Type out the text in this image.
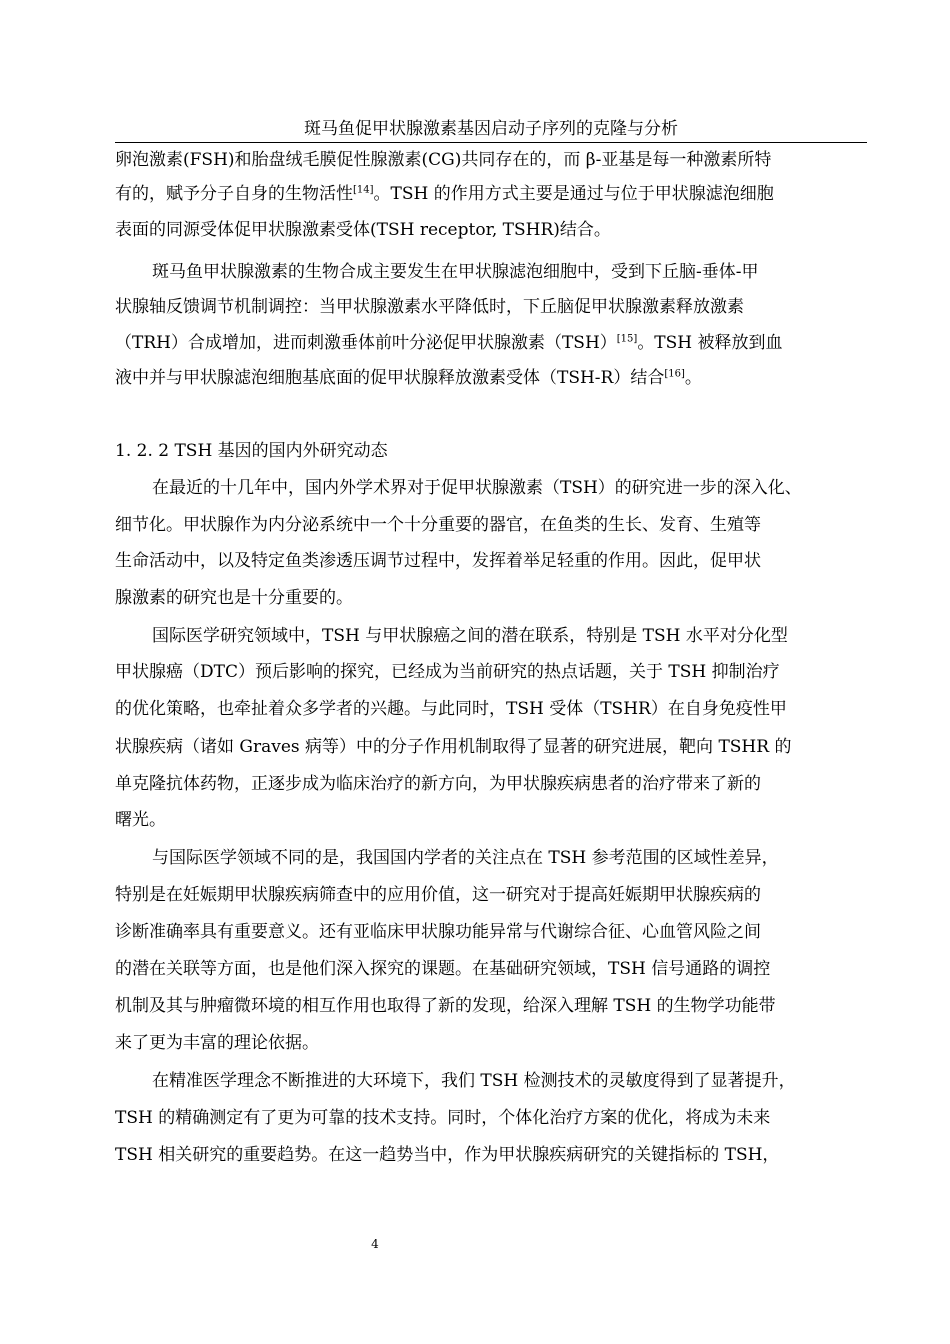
斑马鱼促甲状腺激素基因启动子序列的克隆与分析
卵泡激素(FSH)和胎盘绒毛膜促性腺激素(CG)共同存在的，而 β-亚基是每一种激素所特
有的，赋予分子自身的生物活性[14]。TSH 的作用方式主要是通过与位于甲状腺滤泡细胞
表面的同源受体促甲状腺激素受体(TSH receptor, TSHR)结合。
斑马鱼甲状腺激素的生物合成主要发生在甲状腺滤泡细胞中，受到下丘脑-垂体-甲
状腺轴反馈调节机制调控：当甲状腺激素水平降低时，下丘脑促甲状腺激素释放激素
（TRH）合成增加，进而刺激垂体前叶分泌促甲状腺激素（TSH）[15]。TSH 被释放到血
液中并与甲状腺滤泡细胞基底面的促甲状腺释放激素受体（TSH-R）结合[16]。
1. 2. 2 TSH 基因的国内外研究动态
在最近的十几年中，国内外学术界对于促甲状腺激素（TSH）的研究进一步的深入化、
细节化。甲状腺作为内分泌系统中一个十分重要的器官，在鱼类的生长、发育、生殖等
生命活动中，以及特定鱼类渗透压调节过程中，发挥着举足轻重的作用。因此，促甲状
腺激素的研究也是十分重要的。
国际医学研究领域中，TSH 与甲状腺癌之间的潜在联系，特别是 TSH 水平对分化型
甲状腺癌（DTC）预后影响的探究，已经成为当前研究的热点话题，关于 TSH 抑制治疗
的优化策略，也牵扯着众多学者的兴趣。与此同时，TSH 受体（TSHR）在自身免疫性甲
状腺疾病（诸如 Graves 病等）中的分子作用机制取得了显著的研究进展，靶向 TSHR 的
单克隆抗体药物，正逐步成为临床治疗的新方向，为甲状腺疾病患者的治疗带来了新的
曙光。
与国际医学领域不同的是，我国国内学者的关注点在 TSH 参考范围的区域性差异，
特别是在妊娠期甲状腺疾病筛查中的应用价值，这一研究对于提高妊娠期甲状腺疾病的
诊断准确率具有重要意义。还有亚临床甲状腺功能异常与代谢综合征、心血管风险之间
的潜在关联等方面，也是他们深入探究的课题。在基础研究领域，TSH 信号通路的调控
机制及其与肿瘤微环境的相互作用也取得了新的发现，给深入理解 TSH 的生物学功能带
来了更为丰富的理论依据。
在精准医学理念不断推进的大环境下，我们 TSH 检测技术的灵敏度得到了显著提升，
TSH 的精确测定有了更为可靠的技术支持。同时，个体化治疗方案的优化，将成为未来
TSH 相关研究的重要趋势。在这一趋势当中，作为甲状腺疾病研究的关键指标的 TSH，
4
